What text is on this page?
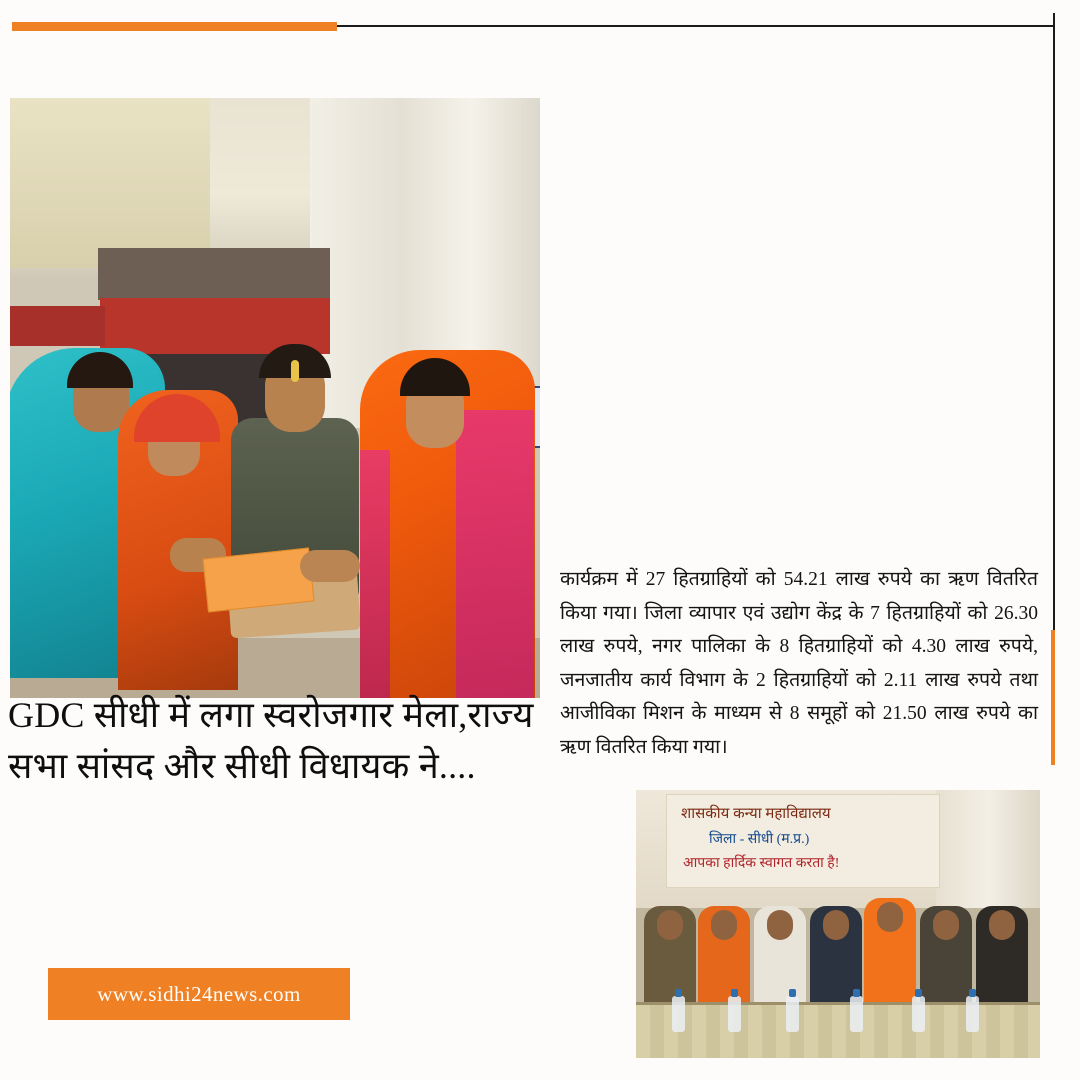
GDC सीधी में लगा स्वरोजगार मेला,राज्य सभा सांसद और सीधी विधायक ने....
कार्यक्रम में 27 हितग्राहियों को 54.21 लाख रुपये का ऋण वितरित किया गया। जिला व्यापार एवं उद्योग केंद्र के 7 हितग्राहियों को 26.30 लाख रुपये, नगर पालिका के 8 हितग्राहियों को 4.30 लाख रुपये, जनजातीय कार्य विभाग के 2 हितग्राहियों को 2.11 लाख रुपये तथा आजीविका मिशन के माध्यम से 8 समूहों को 21.50 लाख रुपये का ऋण वितरित किया गया।
शासकीय कन्या महाविद्यालय
जिला - सीधी (म.प्र.)
आपका हार्दिक स्वागत करता है!
www.sidhi24news.com
